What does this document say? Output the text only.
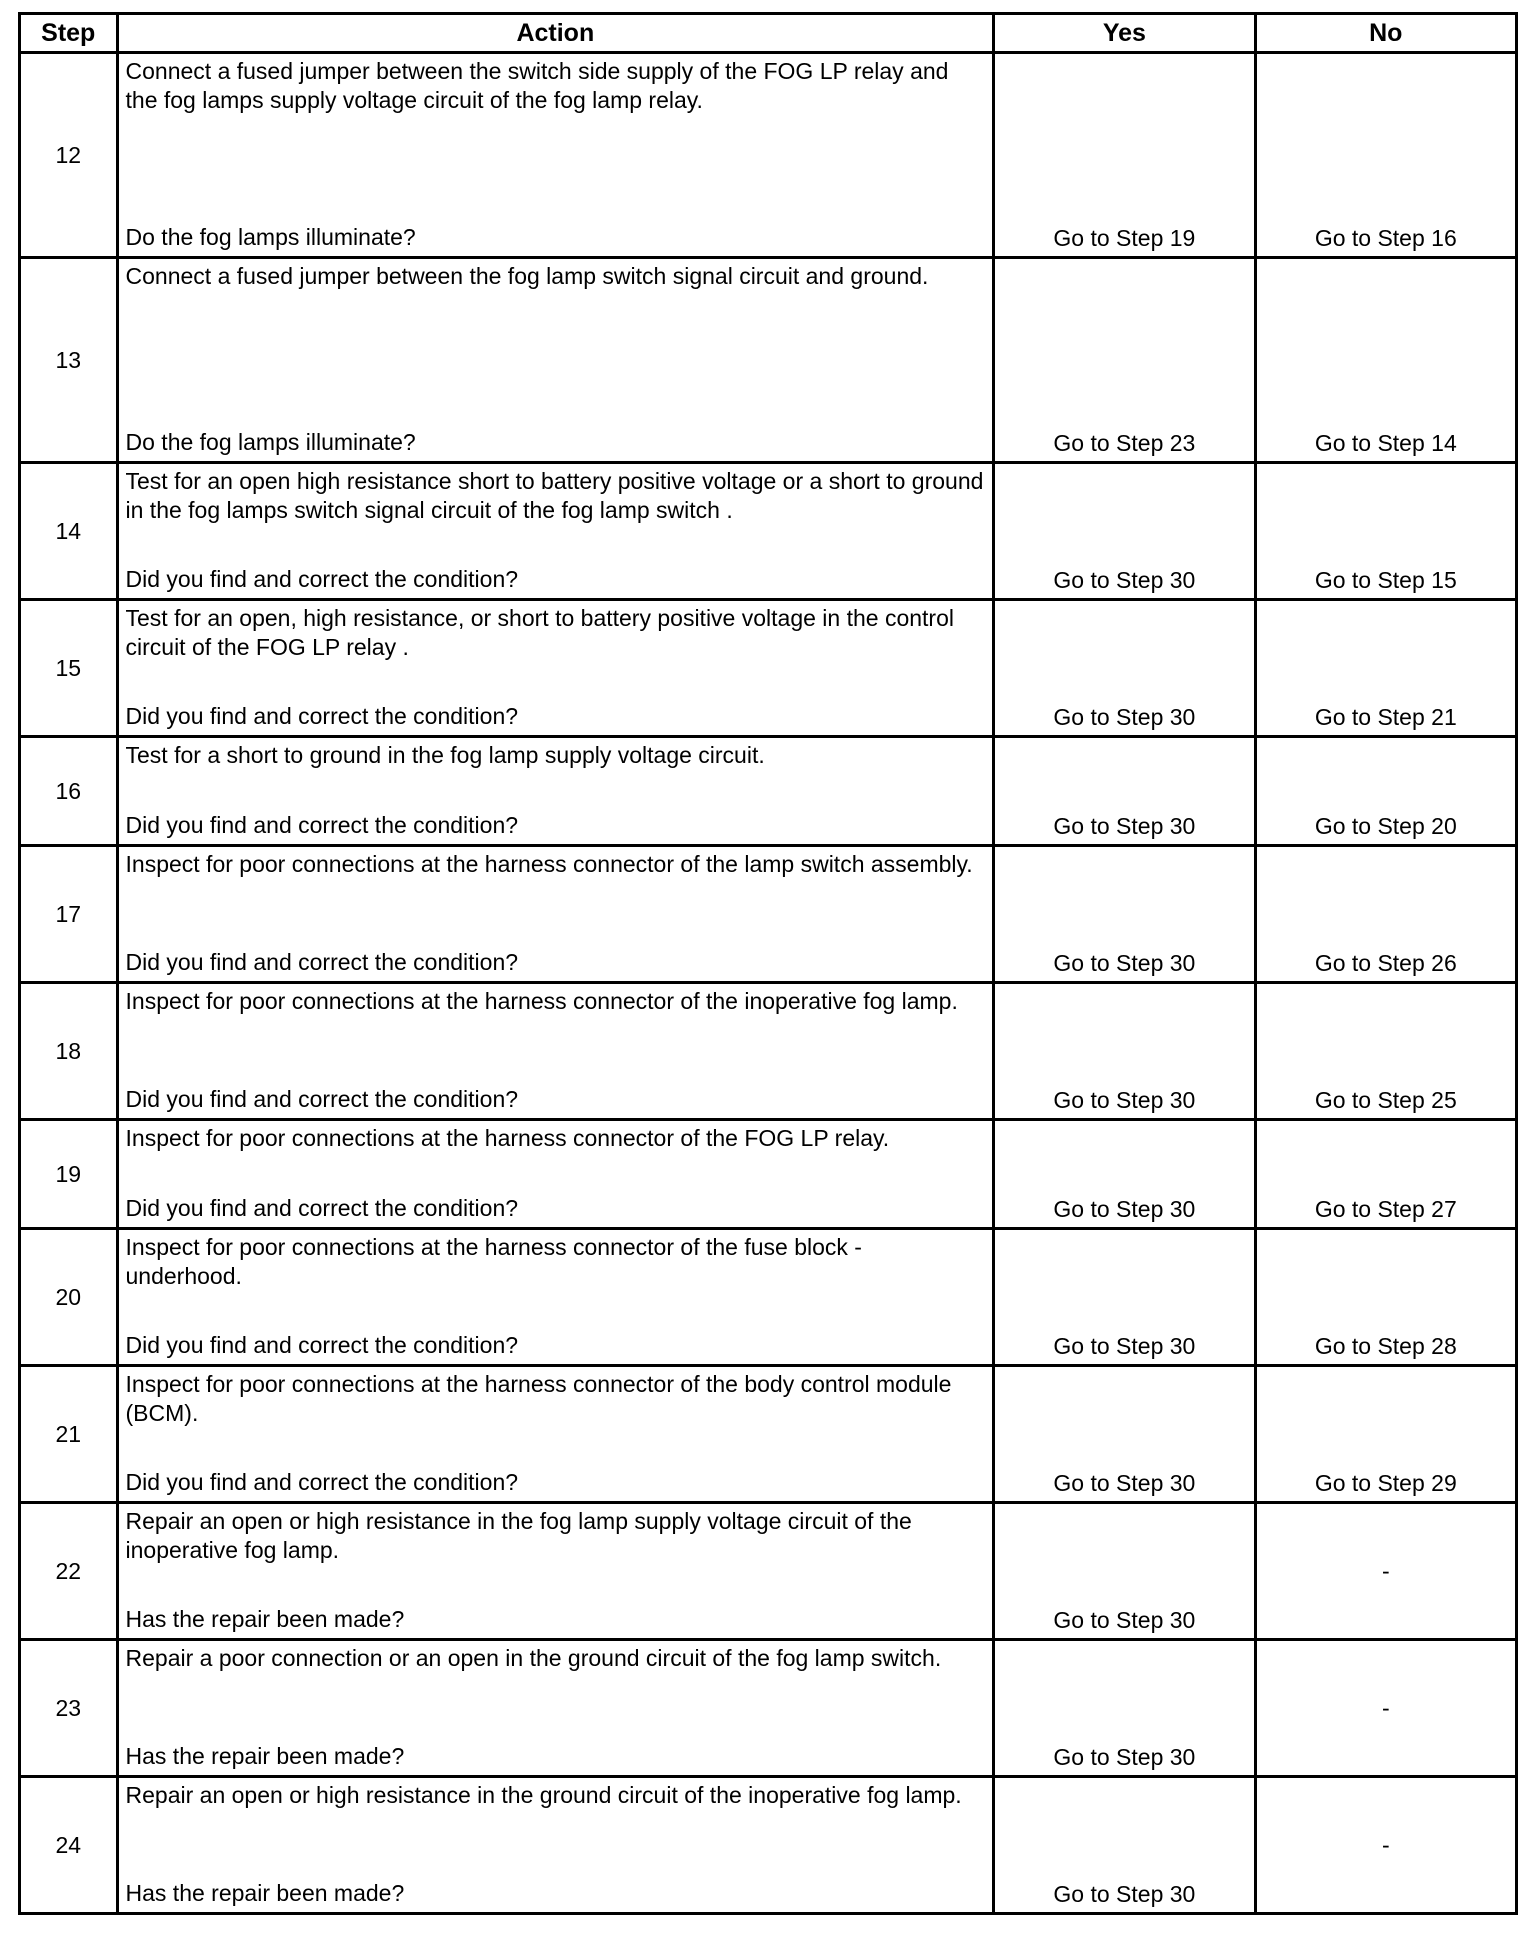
Step	Action	Yes	No
12	Connect a fused jumper between the switch side supply of the FOG LP relay and the fog lamps supply voltage circuit of the fog lamp relay.
Do the fog lamps illuminate?	Go to Step 19	Go to Step 16
13	Connect a fused jumper between the fog lamp switch signal circuit and ground.
Do the fog lamps illuminate?	Go to Step 23	Go to Step 14
14	Test for an open high resistance short to battery positive voltage or a short to ground in the fog lamps switch signal circuit of the fog lamp switch .
Did you find and correct the condition?	Go to Step 30	Go to Step 15
15	Test for an open, high resistance, or short to battery positive voltage in the control circuit of the FOG LP relay .
Did you find and correct the condition?	Go to Step 30	Go to Step 21
16	Test for a short to ground in the fog lamp supply voltage circuit.
Did you find and correct the condition?	Go to Step 30	Go to Step 20
17	Inspect for poor connections at the harness connector of the lamp switch assembly.
Did you find and correct the condition?	Go to Step 30	Go to Step 26
18	Inspect for poor connections at the harness connector of the inoperative fog lamp.
Did you find and correct the condition?	Go to Step 30	Go to Step 25
19	Inspect for poor connections at the harness connector of the FOG LP relay.
Did you find and correct the condition?	Go to Step 30	Go to Step 27
20	Inspect for poor connections at the harness connector of the fuse block - underhood.
Did you find and correct the condition?	Go to Step 30	Go to Step 28
21	Inspect for poor connections at the harness connector of the body control module (BCM).
Did you find and correct the condition?	Go to Step 30	Go to Step 29
22	Repair an open or high resistance in the fog lamp supply voltage circuit of the inoperative fog lamp.
Has the repair been made?	Go to Step 30	-
23	Repair a poor connection or an open in the ground circuit of the fog lamp switch.
Has the repair been made?	Go to Step 30	-
24	Repair an open or high resistance in the ground circuit of the inoperative fog lamp.
Has the repair been made?	Go to Step 30	-
